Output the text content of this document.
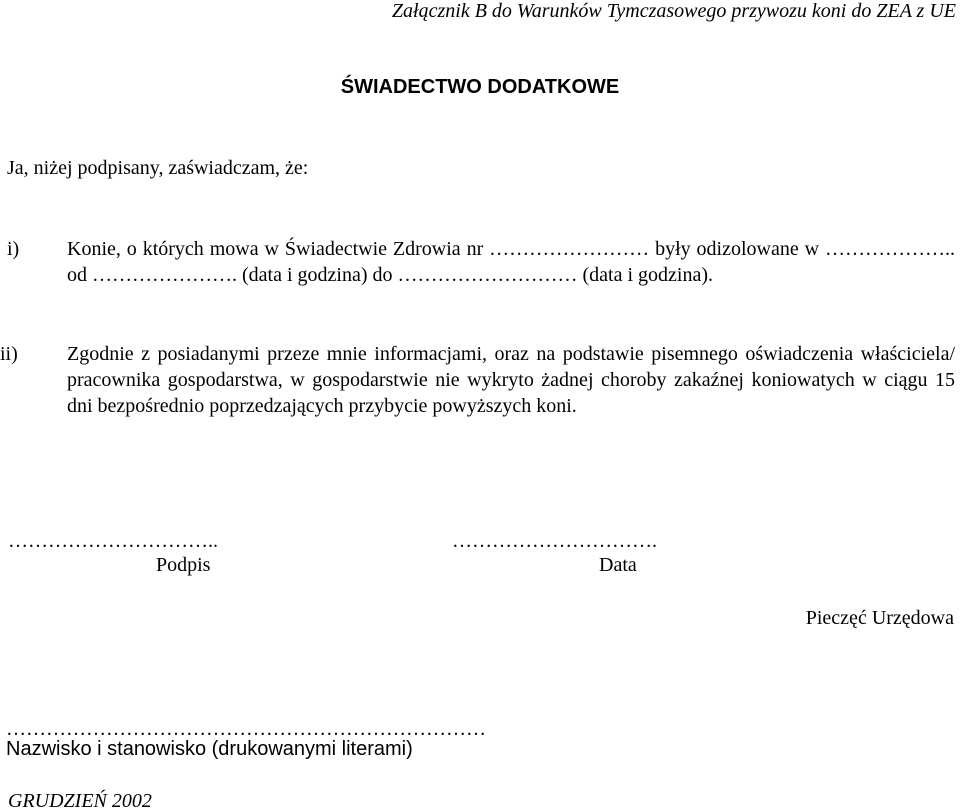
Załącznik B do Warunków Tymczasowego przywozu koni do ZEA z UE
ŚWIADECTWO DODATKOWE
Ja, niżej podpisany, zaświadczam, że:
i) Konie, o których mowa w Świadectwie Zdrowia nr …………………… były odizolowane w ……………….. od …………………. (data i godzina) do ……………………… (data i godzina).
ii) Zgodnie z posiadanymi przeze mnie informacjami, oraz na podstawie pisemnego oświadczenia właściciela/ pracownika gospodarstwa, w gospodarstwie nie wykryto żadnej choroby zakaźnej koniowatych w ciągu 15 dni bezpośrednio poprzedzających przybycie powyższych koni.
…………………………..
Podpis
………………………….
Data
Pieczęć Urzędowa
………………………………………………………………
Nazwisko i stanowisko (drukowanymi literami)
GRUDZIEŃ 2002
